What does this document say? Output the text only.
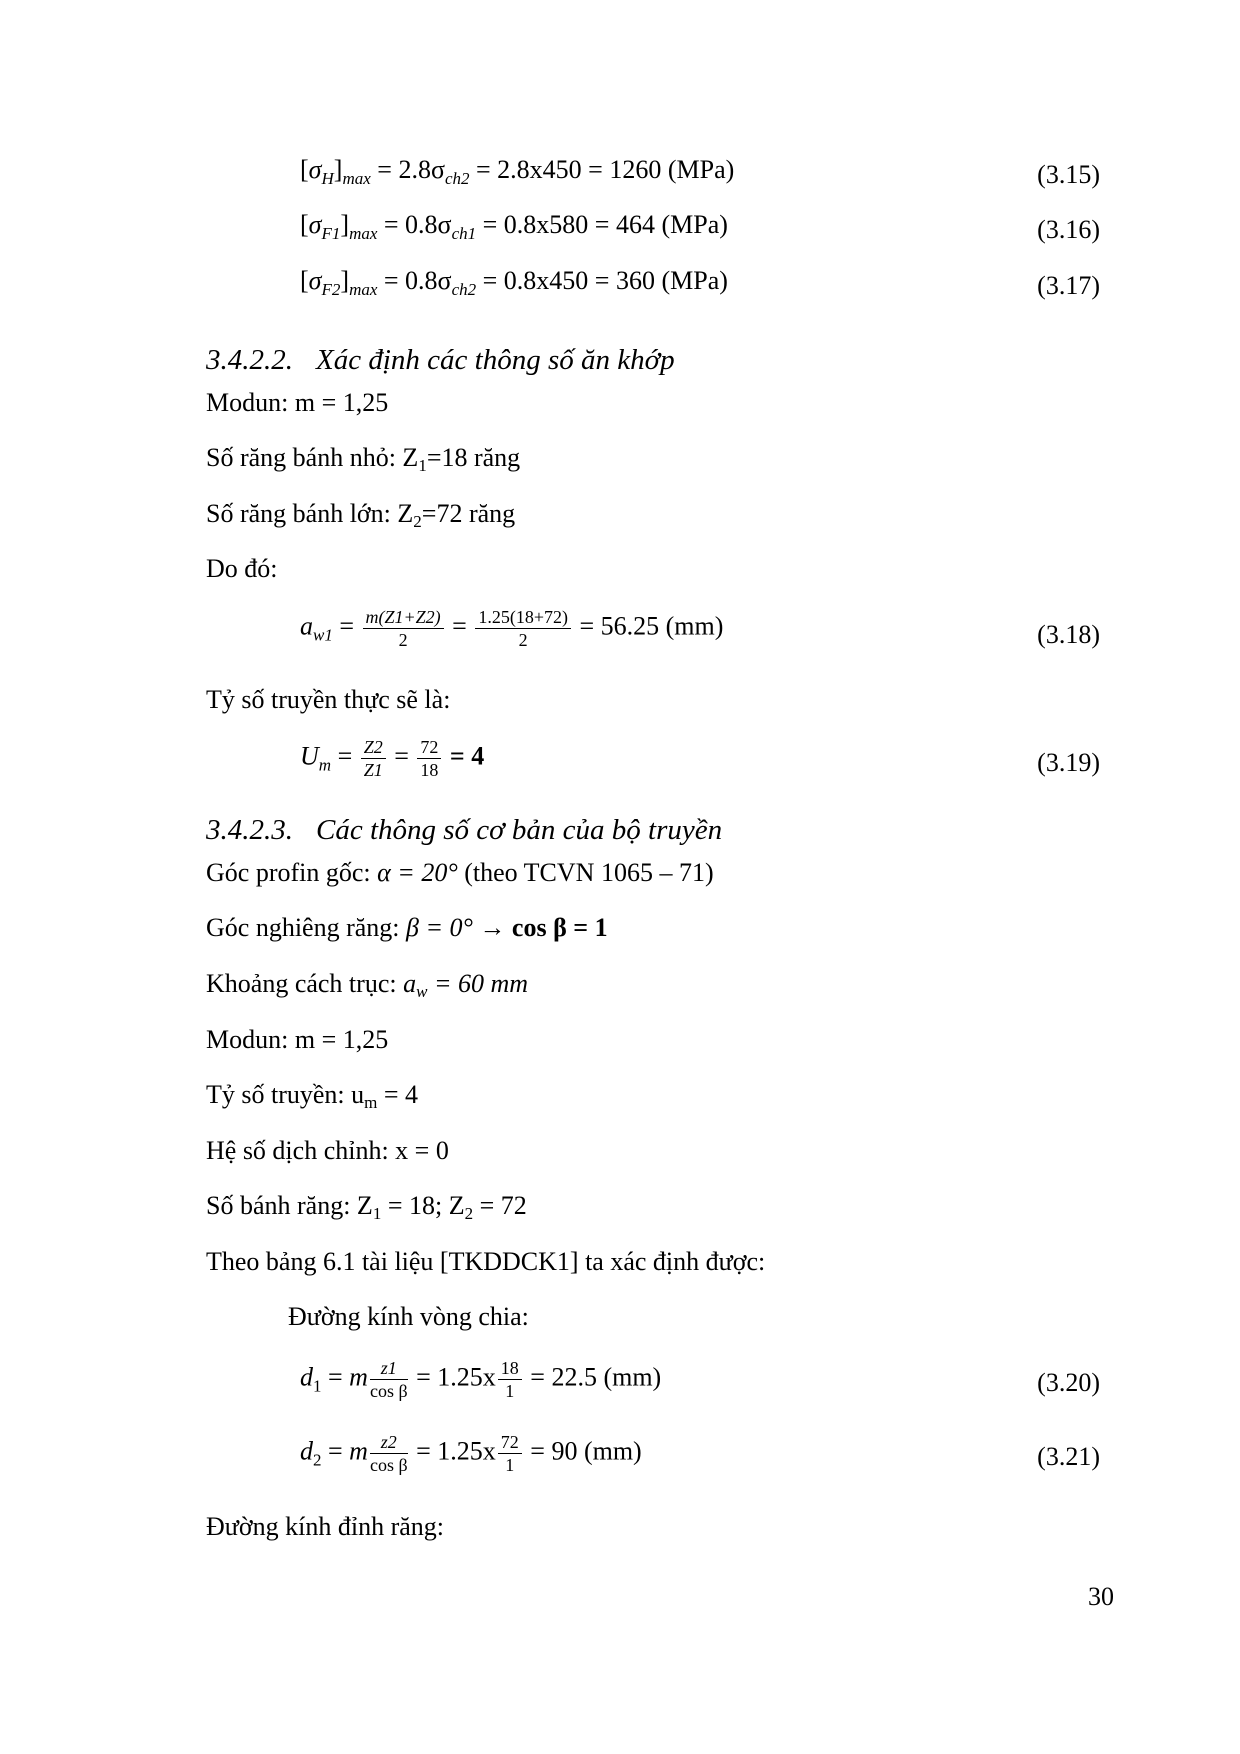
$[\sigma_H]_{max} = 2.8\sigma_{ch2} = 2.8x450 = 1260$ (MPa)	(3.15)
$[\sigma_{F1}]_{max} = 0.8\sigma_{ch1} = 0.8x580 = 464$ (MPa)	(3.16)
$[\sigma_{F2}]_{max} = 0.8\sigma_{ch2} = 0.8x450 = 360$ (MPa)	(3.17)
3.4.2.2. Xác định các thông số ăn khớp
Modun: m = 1,25
Số răng bánh nhỏ: $Z_1=18$ răng
Số răng bánh lớn: $Z_2=72$ răng
Do đó:
$a_{w1} = \frac{m(Z1+Z2)}{2} = \frac{1.25(18+72)}{2} = 56.25$ (mm)	(3.18)
Tỷ số truyền thực sẽ là:
$U_m = \frac{Z2}{Z1} = \frac{72}{18} = 4$	(3.19)
3.4.2.3. Các thông số cơ bản của bộ truyền
Góc profin gốc: α = 20° (theo TCVN 1065 – 71)
Góc nghiêng răng: β = 0° → cos β = 1
Khoảng cách trục: $a_w = 60$ mm
Modun: m = 1,25
Tỷ số truyền: $u_m = 4$
Hệ số dịch chỉnh: x = 0
Số bánh răng: $Z_1 = 18$; $Z_2 = 72$
Theo bảng 6.1 tài liệu [TKDDCK1] ta xác định được:
Đường kính vòng chia:
$d_1 = m \frac{z1}{\text{cos β}} = 1.25x \frac{18}{1} = 22.5$ (mm)	(3.20)
$d_2 = m \frac{z2}{\text{cos β}} = 1.25x \frac{72}{1} = 90$ (mm)	(3.21)
Đường kính đỉnh răng:
30
